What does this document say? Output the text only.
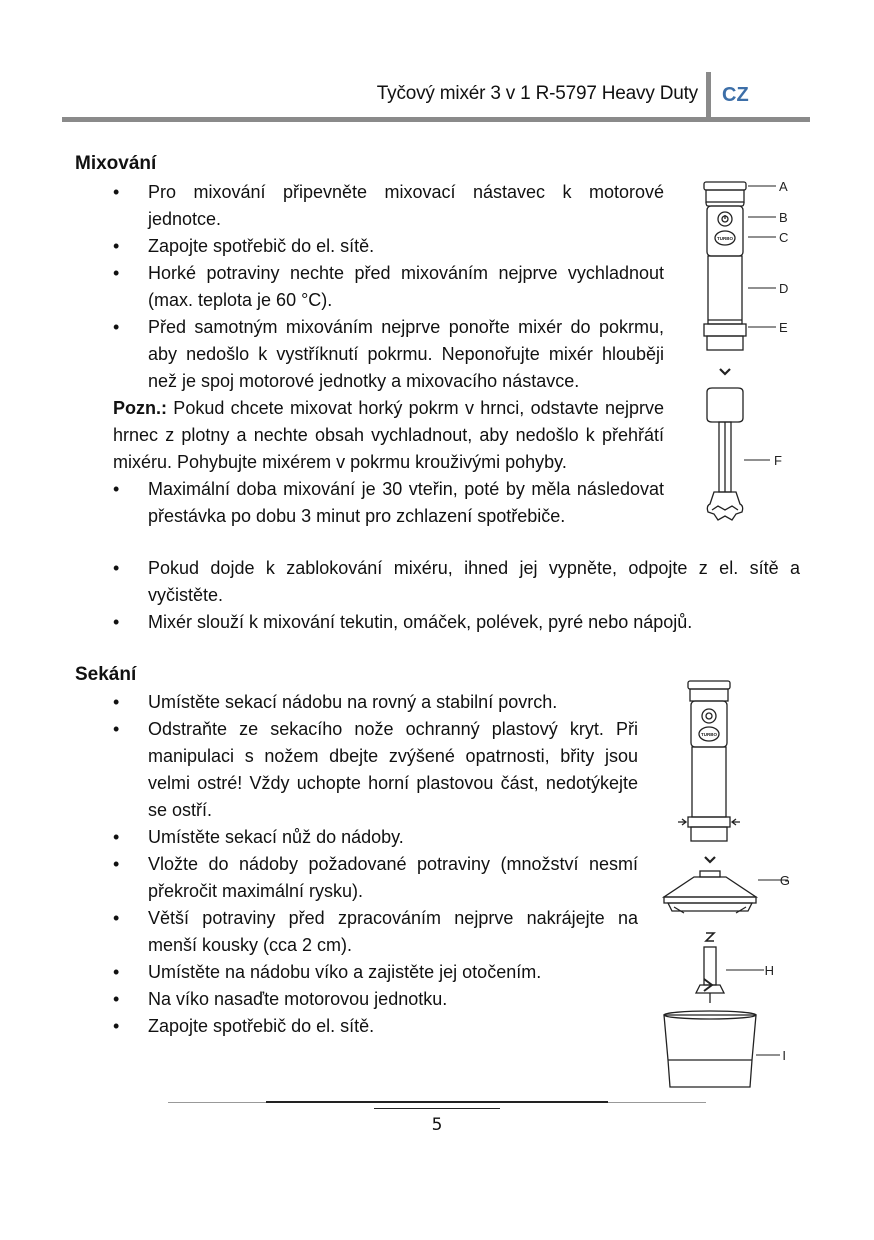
Tyčový mixér 3 v 1 R-5797 Heavy Duty CZ
Mixování
• Pro mixování připevněte mixovací nástavec k motorové jednotce.
• Zapojte spotřebič do el. sítě.
• Horké potraviny nechte před mixováním nejprve vychladnout (max. teplota je 60 °C).
• Před samotným mixováním nejprve ponořte mixér do pokrmu, aby nedošlo k vystříknutí pokrmu. Neponořujte mixér hlouběji než je spoj motorové jednotky a mixovacího nástavce.
Pozn.: Pokud chcete mixovat horký pokrm v hrnci, odstavte nejprve hrnec z plotny a nechte obsah vychladnout, aby nedošlo k přehřátí mixéru. Pohybujte mixérem v pokrmu krouživými pohyby.
• Maximální doba mixování je 30 vteřin, poté by měla následovat přestávka po dobu 3 minut pro zchlazení spotřebiče.
• Pokud dojde k zablokování mixéru, ihned jej vypněte, odpojte z el. sítě a vyčistěte.
• Mixér slouží k mixování tekutin, omáček, polévek, pyré nebo nápojů.
TURBO
A
B
C
D
E
F
Sekání
• Umístěte sekací nádobu na rovný a stabilní povrch.
• Odstraňte ze sekacího nože ochranný plastový kryt. Při manipulaci s nožem dbejte zvýšené opatrnosti, břity jsou velmi ostré! Vždy uchopte horní plastovou část, nedotýkejte se ostří.
• Umístěte sekací nůž do nádoby.
• Vložte do nádoby požadované potraviny (množství nesmí překročit maximální rysku).
• Větší potraviny před zpracováním nejprve nakrájejte na menší kousky (cca 2 cm).
• Umístěte na nádobu víko a zajistěte jej otočením.
• Na víko nasaďte motorovou jednotku.
• Zapojte spotřebič do el. sítě.
TURBO
G
H
I
5
